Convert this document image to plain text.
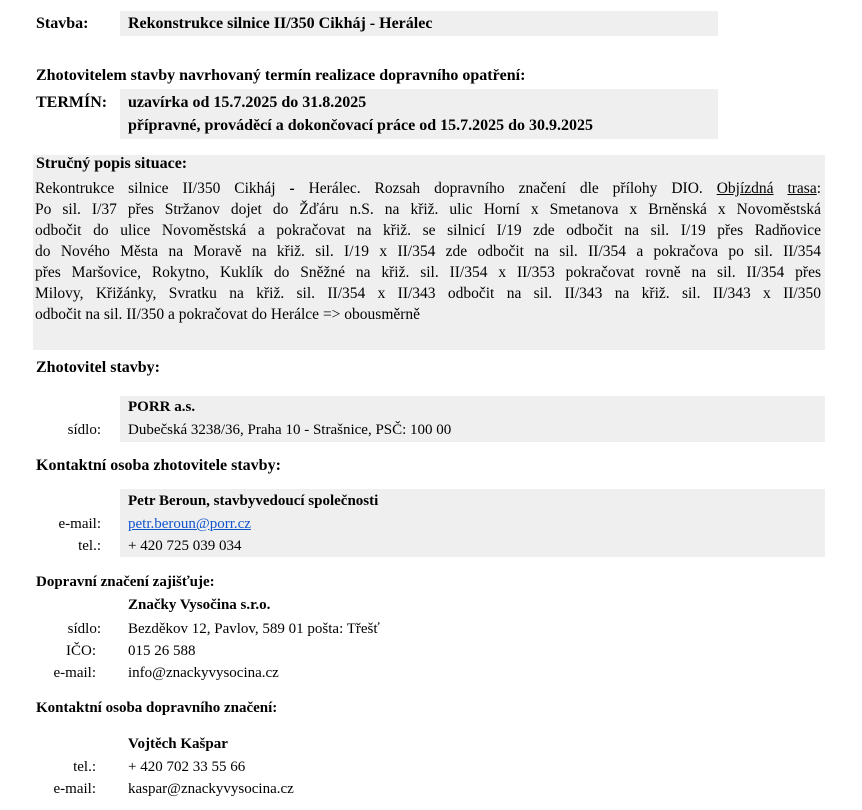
Stavba: Rekonstrukce silnice II/350 Cikháj - Herálec
Zhotovitelem stavby navrhovaný termín realizace dopravního opatření:
TERMÍN: uzavírka od 15.7.2025 do 31.8.2025
přípravné, prováděcí a dokončovací práce od 15.7.2025 do 30.9.2025
Stručný popis situace:

Rekontrukce silnice II/350 Cikháj - Herálec. Rozsah dopravního značení dle přílohy DIO. Objízdná trasa:

Po sil. I/37 přes Stržanov dojet do Žďáru n.S. na křiž. ulic Horní x Smetanova x Brněnská x Novoměstská

odbočit do ulice Novoměstská a pokračovat na křiž. se silnicí I/19 zde odbočit na sil. I/19 přes Radňovice

do Nového Města na Moravě na křiž. sil. I/19 x II/354 zde odbočit na sil. II/354 a pokračova po sil. II/354

přes Maršovice, Rokytno, Kuklík do Sněžné na křiž. sil. II/354 x II/353 pokračovat rovně na sil. II/354 přes

Milovy, Křižánky, Svratku na křiž. sil. II/354 x II/343 odbočit na sil. II/343 na křiž. sil. II/343 x II/350

odbočit na sil. II/350 a pokračovat do Herálce => obousměrně

Zhotovitel stavby:
PORR a.s.
sídlo: Dubečská 3238/36, Praha 10 - Strašnice, PSČ: 100 00
Kontaktní osoba zhotovitele stavby:
Petr Beroun, stavbyvedoucí společnosti
e-mail: petr.beroun@porr.cz
tel.: + 420 725 039 034
Dopravní značení zajišťuje:
Značky Vysočina s.r.o.
sídlo: Bezděkov 12, Pavlov, 589 01 pošta: Třešť
IČO: 015 26 588
e-mail: info@znackyvysocina.cz
Kontaktní osoba dopravního značení:
Vojtěch Kašpar
tel.: + 420 702 33 55 66
e-mail: kaspar@znackyvysocina.cz
